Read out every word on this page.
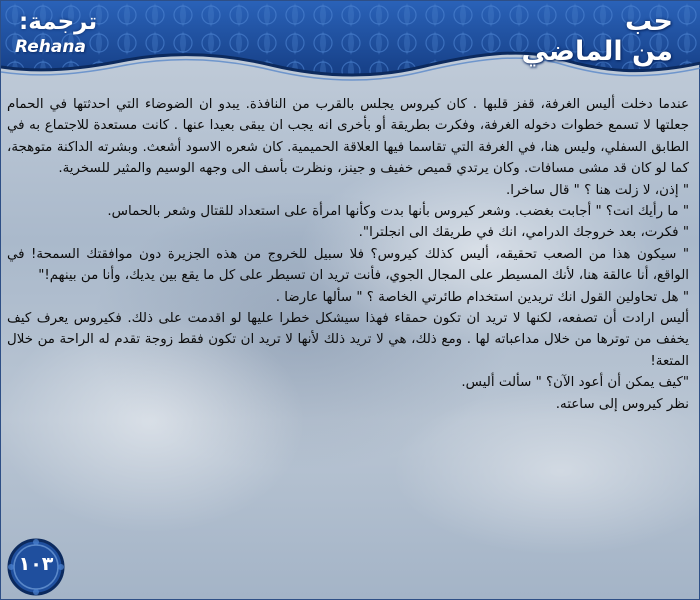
حب
من الماضي
ترجمة:
Rehana

عندما دخلت أليس الغرفة، قفز قلبها . كان كيروس يجلس بالقرب من النافذة. يبدو ان الضوضاء التي احدثتها في الحمام جعلتها لا تسمع خطوات دخوله الغرفة، وفكرت بطريقة أو بأخرى انه يجب ان يبقى بعيدا عنها . كانت مستعدة للاجتماع به في الطابق السفلي، وليس هنا، في الغرفة التي تقاسما فيها العلاقة الحميمية. كان شعره الاسود أشعث. وبشرته الداكنة متوهجة، كما لو كان قد مشى مسافات. وكان يرتدي قميص خفيف و جينز، ونظرت بأسف الى وجهه الوسيم والمثير للسخرية.

" إذن، لا زلت هنا ؟ " قال ساخرا.

" ما رأيك انت؟ " أجابت بغضب. وشعر كيروس بأنها بدت وكأنها امرأة على استعداد للقتال وشعر بالحماس.

" فكرت، بعد خروجك الدرامي، انك في طريقك الى انجلترا".

" سيكون هذا من الصعب تحقيقه، أليس كذلك كيروس؟ فلا سبيل للخروج من هذه الجزيرة دون موافقتك السمحة! في الواقع، أنا عالقة هنا، لأنك المسيطر على المجال الجوي، فأنت تريد ان تسيطر على كل ما يقع بين يديك، وأنا من بينهم!"

" هل تحاولين القول انك تريدين استخدام طائرتي الخاصة ؟ " سألها عارضا .

أليس ارادت أن تصفعه، لكنها لا تريد ان تكون حمقاء فهذا سيشكل خطرا عليها لو اقدمت على ذلك. فكيروس يعرف كيف يخفف من توترها من خلال مداعباته لها . ومع ذلك، هي لا تريد ذلك لأنها لا تريد ان تكون فقط زوجة تقدم له الراحة من خلال المتعة!

"كيف يمكن أن أعود الآن؟ " سألت أليس.

نظر كيروس إلى ساعته.

١٠٣
